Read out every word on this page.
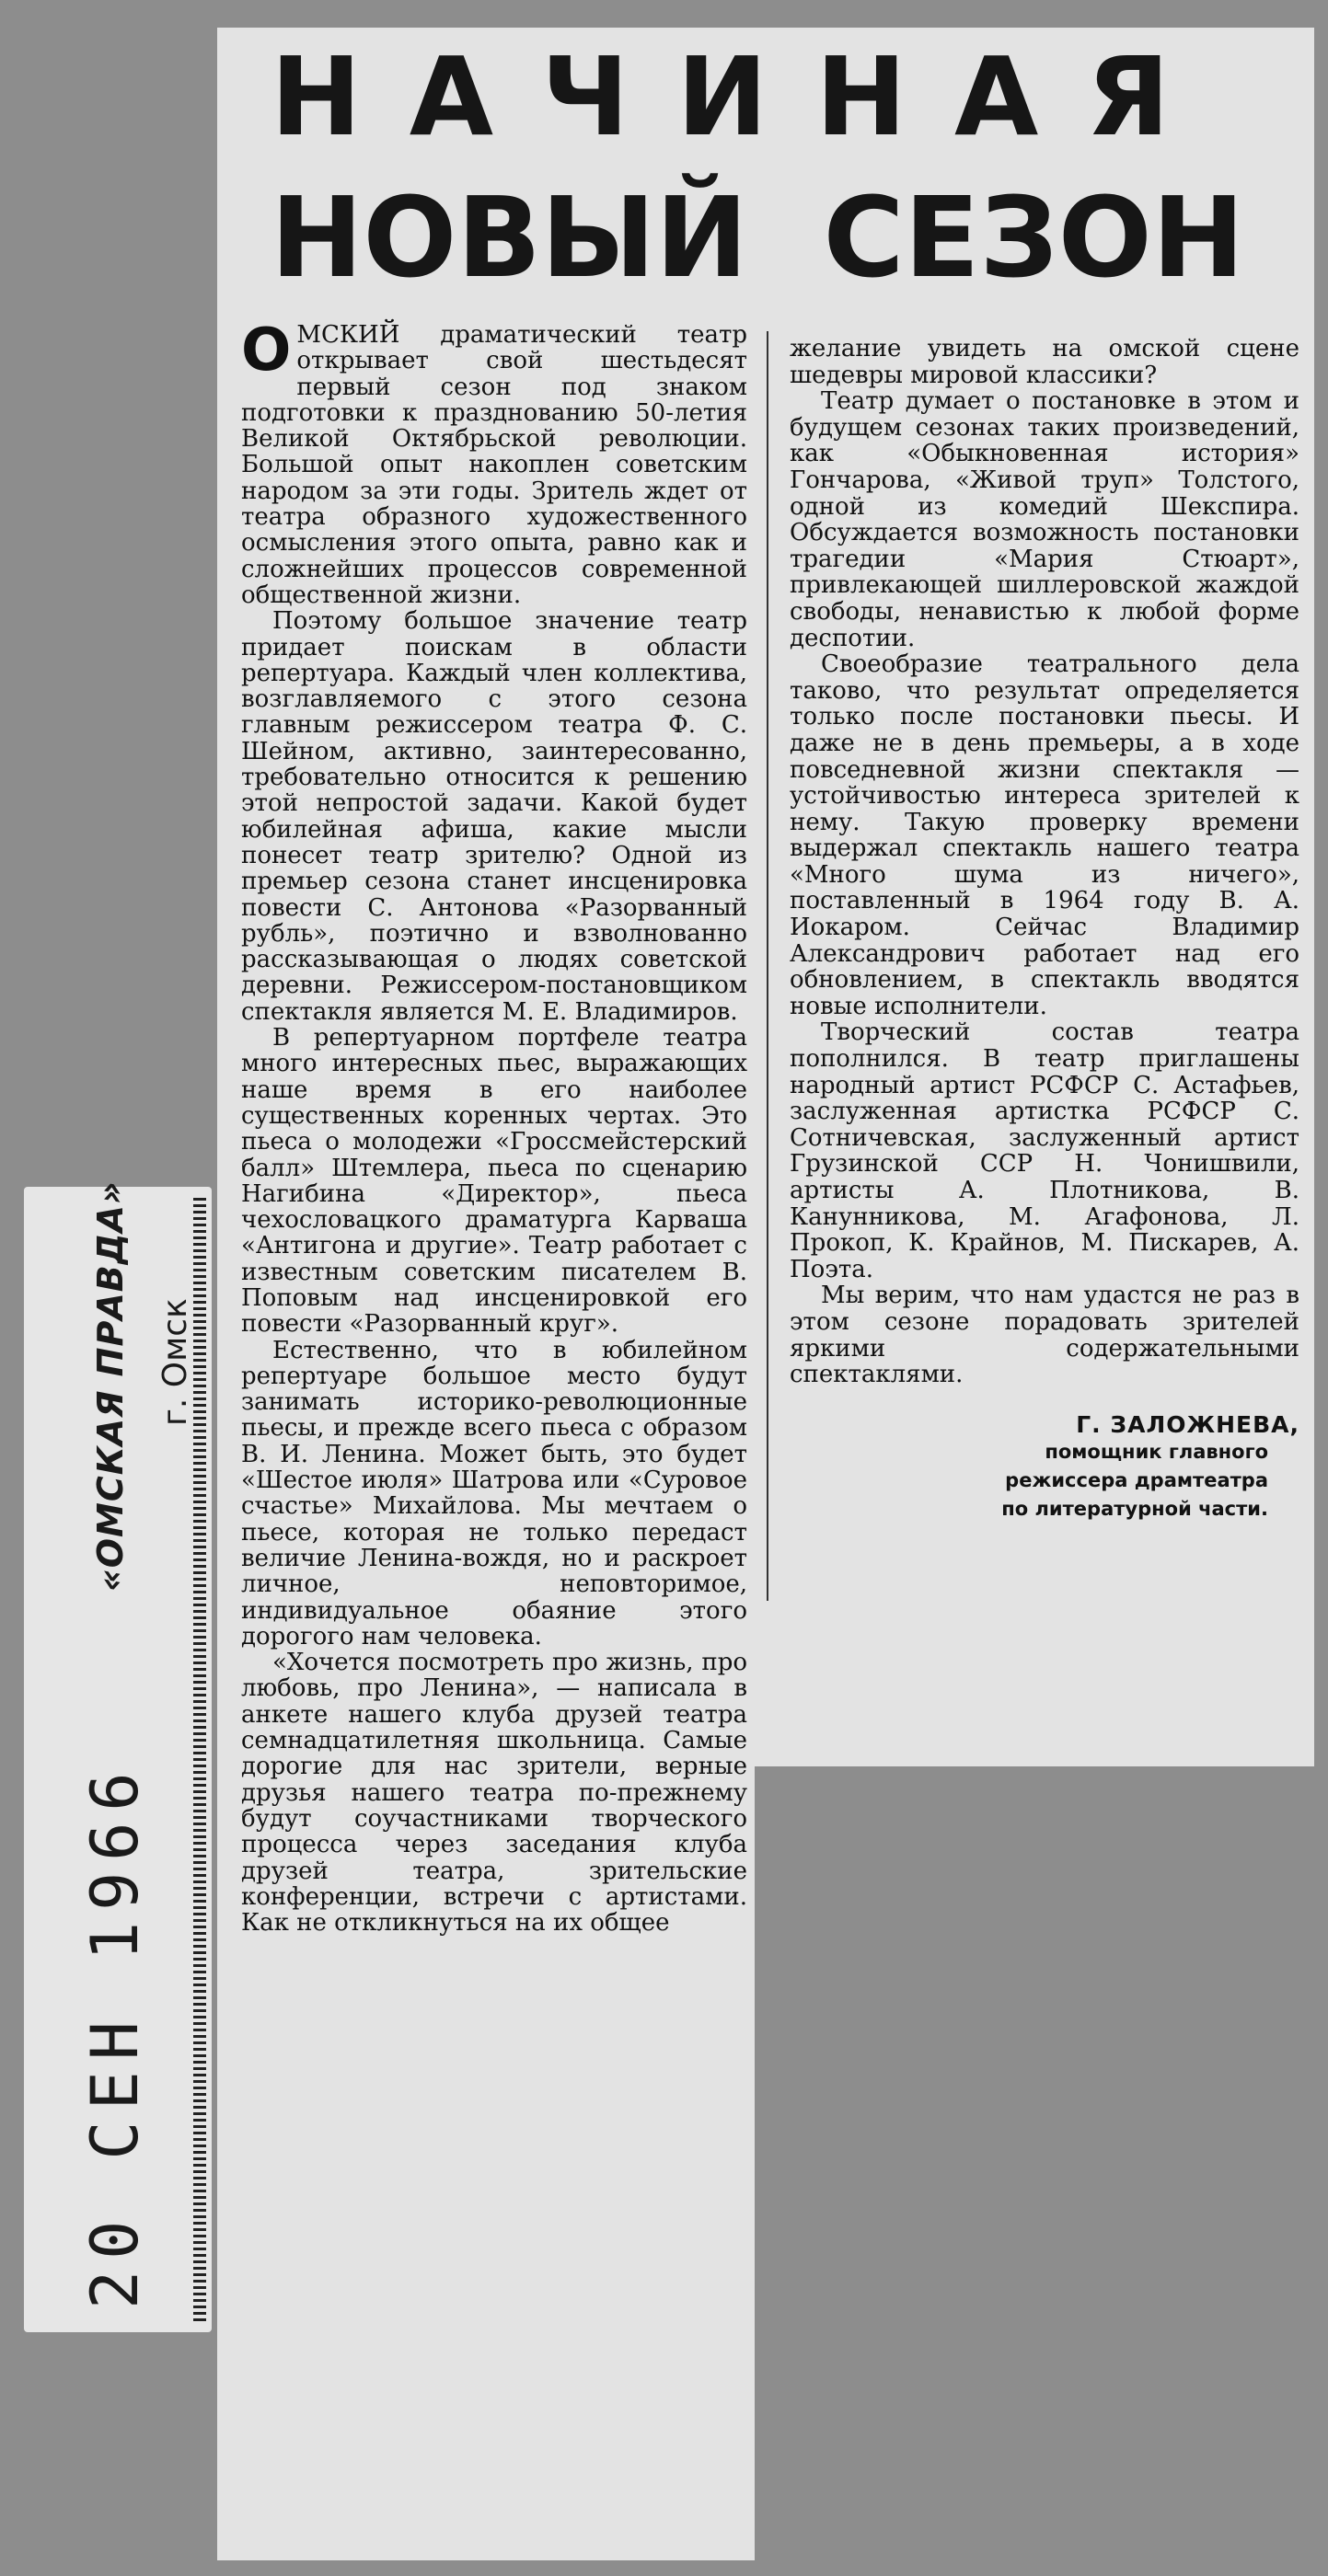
«ОМСКАЯ ПРАВДА» г. Омск
20 СЕН 1966
НАЧИНАЯ
НОВЫЙ СЕЗОН

ОМСКИЙ драматический театр открывает свой шестьдесят первый сезон под знаком подготовки к празднованию 50-летия Великой Октябрьской революции. Большой опыт накоплен советским народом за эти годы. Зритель ждет от театра образного художественного осмысления этого опыта, равно как и сложнейших процессов современной общественной жизни.

Поэтому большое значение театр придает поискам в области репертуара. Каждый член коллектива, возглавляемого с этого сезона главным режиссером театра Ф. С. Шейном, активно, заинтересованно, требовательно относится к решению этой непростой задачи. Какой будет юбилейная афиша, какие мысли понесет театр зрителю? Одной из премьер сезона станет инсценировка повести С. Антонова «Разорванный рубль», поэтично и взволнованно рассказывающая о людях советской деревни. Режиссером-постановщиком спектакля является М. Е. Владимиров.

В репертуарном портфеле театра много интересных пьес, выражающих наше время в его наиболее существенных коренных чертах. Это пьеса о молодежи «Гроссмейстерский балл» Штемлера, пьеса по сценарию Нагибина «Директор», пьеса чехословацкого драматурга Карваша «Антигона и другие». Театр работает с известным советским писателем В. Поповым над инсценировкой его повести «Разорванный круг».

Естественно, что в юбилейном репертуаре большое место будут занимать историко-революционные пьесы, и прежде всего пьеса с образом В. И. Ленина. Может быть, это будет «Шестое июля» Шатрова или «Суровое счастье» Михайлова. Мы мечтаем о пьесе, которая не только передаст величие Ленина-вождя, но и раскроет личное, неповторимое, индивидуальное обаяние этого дорогого нам человека.

«Хочется посмотреть про жизнь, про любовь, про Ленина», — написала в анкете нашего клуба друзей театра семнадцатилетняя школьница. Самые дорогие для нас зрители, верные друзья нашего театра по-прежнему будут соучастниками творческого процесса через заседания клуба друзей театра, зрительские конференции, встречи с артистами. Как не откликнуться на их общее

желание увидеть на омской сцене шедевры мировой классики?

Театр думает о постановке в этом и будущем сезонах таких произведений, как «Обыкновенная история» Гончарова, «Живой труп» Толстого, одной из комедий Шекспира. Обсуждается возможность постановки трагедии «Мария Стюарт», привлекающей шиллеровской жаждой свободы, ненавистью к любой форме деспотии.

Своеобразие театрального дела таково, что результат определяется только после постановки пьесы. И даже не в день премьеры, а в ходе повседневной жизни спектакля — устойчивостью интереса зрителей к нему. Такую проверку времени выдержал спектакль нашего театра «Много шума из ничего», поставленный в 1964 году В. А. Иокаром. Сейчас Владимир Александрович работает над его обновлением, в спектакль вводятся новые исполнители.

Творческий состав театра пополнился. В театр приглашены народный артист РСФСР С. Астафьев, заслуженная артистка РСФСР С. Сотничевская, заслуженный артист Грузинской ССР Н. Чонишвили, артисты А. Плотникова, В. Канунникова, М. Агафонова, Л. Прокоп, К. Крайнов, М. Пискарев, А. Поэта.

Мы верим, что нам удастся не раз в этом сезоне порадовать зрителей яркими содержательными спектаклями.

Г. ЗАЛОЖНЕВА,
помощник главного
режиссера драмтеатра
по литературной части.
